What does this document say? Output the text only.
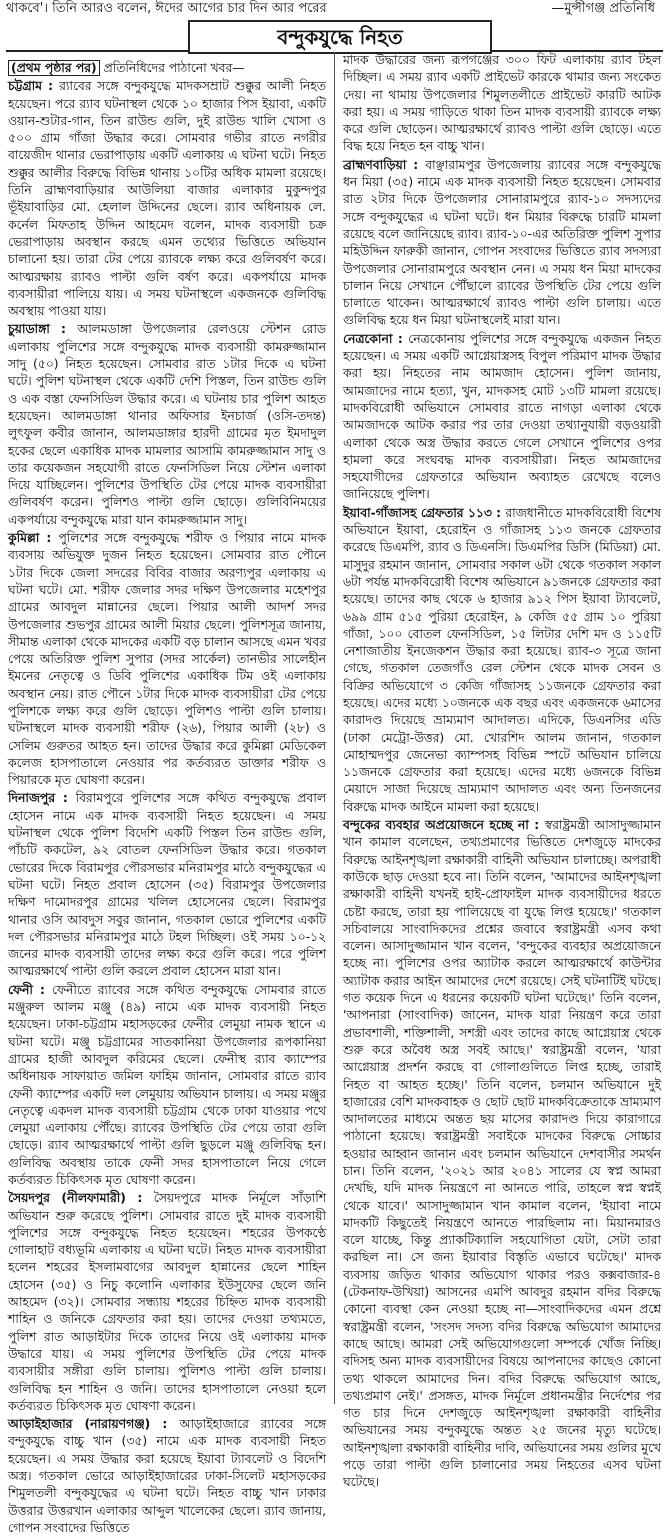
থাকবে'। তিনি আরও বলেন, ঈদের আগের চার দিন আর পরের	—মুন্সীগঞ্জ প্রতিনিধি
বন্দুকযুদ্ধে নিহত

(প্রথম পৃষ্ঠার পর) প্রতিনিধিদের পাঠানো খবর—

চট্টগ্রাম : র‍্যাবের সঙ্গে বন্দুকযুদ্ধে মাদকসম্রাট শুক্কুর আলী নিহত হয়েছেন। পরে র‍্যাব ঘটনাস্থল থেকে ১০ হাজার পিস ইয়াবা, একটি ওয়ান-শুটার-গান, তিন রাউন্ড গুলি, দুই রাউন্ড খালি খোসা ও ৫০০ গ্রাম গাঁজা উদ্ধার করে। সোমবার গভীর রাতে নগরীর বায়েজীদ থানার ভেরাপাড়ায় একটি এলাকায় এ ঘটনা ঘটে। নিহত শুক্কুর আলীর বিরুদ্ধে বিভিন্ন থানায় ১০টির অধিক মামলা রয়েছে। তিনি ব্রাহ্মণবাড়িয়ার আউলিয়া বাজার এলাকার মুকুন্দপুর ভূঁইয়াবাড়ির মো. হেলাল উদ্দিনের ছেলে। র‍্যাব অধিনায়ক লে. কর্নেল মিফতাহ উদ্দিন আহমেদ বলেন, মাদক ব্যবসায়ী চক্র ভেরাপাড়ায় অবস্থান করছে এমন তথ্যের ভিত্তিতে অভিযান চালানো হয়। তারা টের পেয়ে র‍্যাবকে লক্ষ্য করে গুলিবর্ষণ করে। আত্মরক্ষায় র‍্যাবও পাল্টা গুলি বর্ষণ করে। একপর্যায়ে মাদক ব্যবসায়ীরা পালিয়ে যায়। এ সময় ঘটনাস্থলে একজনকে গুলিবিদ্ধ অবস্থায় পাওয়া যায়।

চুয়াডাঙ্গা : আলমডাঙ্গা উপজেলার রেলওয়ে স্টেশন রোড এলাকায় পুলিশের সঙ্গে বন্দুকযুদ্ধে মাদক ব্যবসায়ী কামরুজ্জামান সাদু (৫০) নিহত হয়েছেন। সোমবার রাত ১টার দিকে এ ঘটনা ঘটে। পুলিশ ঘটনাস্থল থেকে একটি দেশি পিস্তল, তিন রাউন্ড গুলি ও এক বস্তা ফেনসিডিল উদ্ধার করে। এ ঘটনায় চার পুলিশ আহত হয়েছেন। আলমডাঙ্গা থানার অফিসার ইনচার্জ (ওসি-তদন্ত) লুৎফুল কবীর জানান, আলমডাঙ্গার হারদী গ্রামের মৃত ইমদাদুল হকের ছেলে একাধিক মাদক মামলার আসামি কামরুজ্জামান সাদু ও তার কয়েকজন সহযোগী রাতে ফেনসিডিল নিয়ে স্টেশন এলাকা দিয়ে যাচ্ছিলেন। পুলিশের উপস্থিতি টের পেয়ে মাদক ব্যবসায়ীরা গুলিবর্ষণ করেন। পুলিশও পাল্টা গুলি ছোড়ে। গুলিবিনিময়ের একপর্যায়ে বন্দুকযুদ্ধে মারা যান কামরুজ্জামান সাদু।

কুমিল্লা : পুলিশের সঙ্গে বন্দুকযুদ্ধে শরীফ ও পিয়ার নামে মাদক ব্যবসায় অভিযুক্ত দুজন নিহত হয়েছেন। সোমবার রাত পৌনে ১টার দিকে জেলা সদরের বিবির বাজার অরণ্যপুর এলাকায় এ ঘটনা ঘটে। মো. শরীফ জেলার সদর দক্ষিণ উপজেলার মহেশপুর গ্রামের আবদুল মান্নানের ছেলে। পিয়ার আলী আদর্শ সদর উপজেলার শুভপুর গ্রামের আলী মিয়ার ছেলে। পুলিশসূত্র জানায়, সীমান্ত এলাকা থেকে মাদকের একটি বড় চালান আসছে এমন খবর পেয়ে অতিরিক্ত পুলিশ সুপার (সদর সার্কেল) তানভীর সালেহীন ইমনের নেতৃত্বে ও ডিবি পুলিশের একাধিক টিম ওই এলাকায় অবস্থান নেয়। রাত পৌনে ১টার দিকে মাদক ব্যবসায়ীরা টের পেয়ে পুলিশকে লক্ষ্য করে গুলি ছোড়ে। পুলিশও পাল্টা গুলি চালায়। ঘটনাস্থলে মাদক ব্যবসায়ী শরীফ (২৬), পিয়ার আলী (২৮) ও সেলিম গুরুতর আহত হন। তাদের উদ্ধার করে কুমিল্লা মেডিকেল কলেজ হাসপাতালে নেওয়ার পর কর্তব্যরত ডাক্তার শরীফ ও পিয়ারকে মৃত ঘোষণা করেন।

দিনাজপুর : বিরামপুরে পুলিশের সঙ্গে কথিত বন্দুকযুদ্ধে প্রবাল হোসেন নামে এক মাদক ব্যবসায়ী নিহত হয়েছেন। এ সময় ঘটনাস্থল থেকে পুলিশ বিদেশি একটি পিস্তল তিন রাউন্ড গুলি, পাঁচটি ককটেল, ৯২ বোতল ফেনসিডিল উদ্ধার করে। গতকাল ভোরের দিকে বিরামপুর পৌরসভার মনিরামপুর মাঠে বন্দুকযুদ্ধের এ ঘটনা ঘটে। নিহত প্রবাল হোসেন (৩৫) বিরামপুর উপজেলার দক্ষিণ দামোদরপুর গ্রামের খলিল হোসেনের ছেলে। বিরামপুর থানার ওসি আবদুস সবুর জানান, গতকাল ভোরে পুলিশের একটি দল পৌরসভার মনিরামপুর মাঠে টহল দিচ্ছিল। ওই সময় ১০-১২ জনের মাদক ব্যবসায়ী তাদের লক্ষ্য করে গুলি করে। পরে পুলিশ আত্মরক্ষার্থে পাল্টা গুলি করলে প্রবাল হোসেন মারা যান।

ফেনী : ফেনীতে র‍্যাবের সঙ্গে কথিত বন্দুকযুদ্ধে সোমবার রাতে মঞ্জুরুল আলম মঞ্জু (৪৯) নামে এক মাদক ব্যবসায়ী নিহত হয়েছেন। ঢাকা-চট্টগ্রাম মহাসড়কের ফেনীর লেমুয়া নামক স্থানে এ ঘটনা ঘটে। মঞ্জু চট্টগ্রামের সাতকানিয়া উপজেলার রূপকানিয়া গ্রামের হাজী আবদুল করিমের ছেলে। ফেনীস্থ র‍্যাব ক্যাম্পের অধিনায়ক সাফায়াত জমিল ফাহিম জানান, সোমবার রাতে র‍্যাব ফেনী ক্যাম্পের একটি দল লেমুয়ায় অভিযান চালায়। এ সময় মঞ্জুর নেতৃত্বে একদল মাদক ব্যবসায়ী চট্টগ্রাম থেকে ঢাকা যাওয়ার পথে লেমুয়া এলাকায় পৌঁছে। র‍্যাবের উপস্থিতি টের পেয়ে তারা গুলি ছোড়ে। র‍্যাব আত্মরক্ষার্থে পাল্টা গুলি ছুড়লে মঞ্জু গুলিবিদ্ধ হন। গুলিবিদ্ধ অবস্থায় তাকে ফেনী সদর হাসপাতালে নিয়ে গেলে কর্তব্যরত চিকিৎসক মৃত ঘোষণা করেন।

সৈয়দপুর (নীলফামারী) : সৈয়দপুরে মাদক নির্মূলে সাঁড়াশি অভিযান শুরু করেছে পুলিশ। সোমবার রাতে দুই মাদক ব্যবসায়ী পুলিশের সঙ্গে বন্দুকযুদ্ধে নিহত হয়েছেন। শহরের উপকণ্ঠে গোলাহাট বধ্যভূমি এলাকায় এ ঘটনা ঘটে। নিহত মাদক ব্যবসায়ীরা হলেন শহরের ইসলামবাগের আবদুল হান্নানের ছেলে শাহিন হোসেন (৩৫) ও নিচু কলোনি এলাকার ইউসুফের ছেলে জনি আহমেদ (৩২)। সোমবার সন্ধ্যায় শহরের চিহ্নিত মাদক ব্যবসায়ী শাহিন ও জনিকে গ্রেফতার করা হয়। তাদের দেওয়া তথ্যমতে, পুলিশ রাত আড়াইটার দিকে তাদের নিয়ে ওই এলাকায় মাদক উদ্ধারে যায়। এ সময় পুলিশের উপস্থিতি টের পেয়ে মাদক ব্যবসায়ীর সঙ্গীরা গুলি চালায়। পুলিশও পাল্টা গুলি চালায়। গুলিবিদ্ধ হন শাহিন ও জনি। তাদের হাসপাতালে নেওয়া হলে কর্তব্যরত চিকিৎসক মৃত ঘোষণা করেন।

আড়াইহাজার (নারায়ণগঞ্জ) : আড়াইহাজারে র‍্যাবের সঙ্গে বন্দুকযুদ্ধে বাচ্চু খান (৩৫) নামে এক মাদক ব্যবসায়ী নিহত হয়েছেন। এ সময় উদ্ধার করা হয়েছে ইয়াবা ট্যাবলেট ও বিদেশি অস্ত্র। গতকাল ভোরে আড়াইহাজারের ঢাকা-সিলেট মহাসড়কের শিমুলতলী বন্দুকযুদ্ধের এ ঘটনা ঘটে। নিহত বাচ্চু খান ঢাকার উত্তরার উত্তরখান এলাকার আব্দুল খালেকের ছেলে। র‍্যাব জানায়, গোপন সংবাদের ভিত্তিতে

মাদক উদ্ধারের জন্য রূপগঞ্জের ৩০০ ফিট এলাকায় র‍্যাব টহল দিচ্ছিল। এ সময় র‍্যাব একটি প্রাইভেট কারকে থামার জন্য সংকেত দেয়। না থামায় উপজেলার শিমুলতলীতে প্রাইভেট কারটি আটক করা হয়। এ সময় গাড়িতে থাকা তিন মাদক ব্যবসায়ী র‍্যাবকে লক্ষ্য করে গুলি ছোড়েন। আত্মরক্ষার্থে র‍্যাবও পাল্টা গুলি ছোড়ে। এতে বিদ্ধ হয়ে নিহত হন বাচ্চু খান।

ব্রাহ্মণবাড়িয়া : বাঞ্ছারামপুর উপজেলায় র‍্যাবের সঙ্গে বন্দুকযুদ্ধে ধন মিয়া (৩৫) নামে এক মাদক ব্যবসায়ী নিহত হয়েছেন। সোমবার রাত ২টার দিকে উপজেলার সোনারামপুরে র‍্যাব-১০ সদস্যদের সঙ্গে বন্দুকযুদ্ধের এ ঘটনা ঘটে। ধন মিয়ার বিরুদ্ধে চারটি মামলা রয়েছে বলে জানিয়েছে র‍্যাব। র‍্যাব-১০-এর অতিরিক্ত পুলিশ সুপার মহিউদ্দিন ফারুকী জানান, গোপন সংবাদের ভিত্তিতে র‍্যাব সদস্যরা উপজেলার সোনারামপুরে অবস্থান নেন। এ সময় ধন মিয়া মাদকের চালান নিয়ে সেখানে পৌঁছালে র‍্যাবের উপস্থিতি টের পেয়ে গুলি চালাতে থাকেন। আত্মরক্ষার্থে র‍্যাবও পাল্টা গুলি চালায়। এতে গুলিবিদ্ধ হয়ে ধন মিয়া ঘটনাস্থলেই মারা যান।

নেত্রকোনা : নেত্রকোনায় পুলিশের সঙ্গে বন্দুকযুদ্ধে একজন নিহত হয়েছেন। এ সময় একটি আগ্নেয়াস্ত্রসহ বিপুল পরিমাণ মাদক উদ্ধার করা হয়। নিহতের নাম আমজাদ হোসেন। পুলিশ জানায়, আমজাদের নামে হত্যা, খুন, মাদকসহ মোট ১৩টি মামলা রয়েছে। মাদকবিরোধী অভিযানে সোমবার রাতে নাগড়া এলাকা থেকে আমজাদকে আটক করার পর তার দেওয়া তথ্যানুযায়ী বড়ওয়ারী এলাকা থেকে অস্ত্র উদ্ধার করতে গেলে সেখানে পুলিশের ওপর হামলা করে সংঘবদ্ধ মাদক ব্যবসায়ীরা। নিহত আমজাদের সহযোগীদের গ্রেফতারে অভিযান অব্যাহত রেখেছে বলেও জানিয়েছে পুলিশ।

ইয়াবা-গাঁজাসহ গ্রেফতার ১১৩ : রাজধানীতে মাদকবিরোধী বিশেষ অভিযানে ইয়াবা, হেরোইন ও গাঁজাসহ ১১৩ জনকে গ্রেফতার করেছে ডিএমপি, র‍্যাব ও ডিএনসি। ডিএমপির ডিসি (মিডিয়া) মো. মাসুদুর রহমান জানান, সোমবার সকাল ৬টা থেকে গতকাল সকাল ৬টা পর্যন্ত মাদকবিরোধী বিশেষ অভিযানে ৯১জনকে গ্রেফতার করা হয়েছে। তাদের কাছ থেকে ৬ হাজার ৯১২ পিস ইয়াবা ট্যাবলেট, ৬৯৯ গ্রাম ৫১৫ পুরিয়া হেরোইন, ৯ কেজি ৫৫ গ্রাম ১০ পুরিয়া গাঁজা, ১০০ বোতল ফেনসিডিল, ১৫ লিটার দেশি মদ ও ১১৫টি নেশাজাতীয় ইনজেকশন উদ্ধার করা হয়েছে। র‍্যাব-৩ সূত্রে জানা গেছে, গতকাল তেজগাঁও রেল স্টেশন থেকে মাদক সেবন ও বিক্রির অভিযোগে ৩ কেজি গাঁজাসহ ১১জনকে গ্রেফতার করা হয়েছে। এদের মধ্যে ১০জনকে এক বছর এবং একজনকে ৬মাসের কারাদণ্ড দিয়েছে ভ্রাম্যমাণ আদালত। এদিকে, ডিএনসির এডি (ঢাকা মেট্রো-উত্তর) মো. খোরশিদ আলম জানান, গতকাল মোহাম্মদপুর জেনেভা ক্যাম্পসহ বিভিন্ন স্পটে অভিযান চালিয়ে ১১জনকে গ্রেফতার করা হয়েছে। এদের মধ্যে ৬জনকে বিভিন্ন মেয়াদে সাজা দিয়েছে ভ্রাম্যমাণ আদালত এবং অন্য তিনজনের বিরুদ্ধে মাদক আইনে মামলা করা হয়েছে।

বন্দুকের ব্যবহার অপ্রয়োজনে হচ্ছে না : স্বরাষ্ট্রমন্ত্রী আসাদুজ্জামান খান কামাল বলেছেন, তথ্যপ্রমাণের ভিত্তিতে দেশজুড়ে মাদকের বিরুদ্ধে আইনশৃঙ্খলা রক্ষাকারী বাহিনী অভিযান চালাচ্ছে। অপরাধী কাউকে ছাড় দেওয়া হবে না। তিনি বলেন, 'আমাদের আইনশৃঙ্খলা রক্ষাকারী বাহিনী যখনই হাই-প্রোফাইল মাদক ব্যবসায়ীদের ধরতে চেষ্টা করছে, তারা হয় পালিয়েছে বা যুদ্ধে লিপ্ত হয়েছে।' গতকাল সচিবালয়ে সাংবাদিকদের প্রশ্নের জবাবে স্বরাষ্ট্রমন্ত্রী এসব কথা বলেন। আসাদুজ্জামান খান বলেন, 'বন্দুকের ব্যবহার অপ্রয়োজনে হচ্ছে না। পুলিশের ওপর অ্যাটাক করলে আত্মরক্ষার্থে কাউন্টার অ্যাটাক করার আইন আমাদের দেশে রয়েছে। সেই ঘটনাটিই ঘটছে। গত কয়েক দিনে এ ধরনের কয়েকটি ঘটনা ঘটেছে।' তিনি বলেন, 'আপনারা (সাংবাদিক) জানেন, মাদক যারা নিয়ন্ত্রণ করে তারা প্রভাবশালী, শক্তিশালী, সশস্ত্রী এবং তাদের কাছে আগ্নেয়াস্ত্র থেকে শুরু করে অবৈধ অস্ত্র সবই আছে।' স্বরাষ্ট্রমন্ত্রী বলেন, 'যারা আগ্নেয়াস্ত্র প্রদর্শন করছে বা গোলাগুলিতে লিপ্ত হচ্ছে, তারাই নিহত বা আহত হচ্ছে।' তিনি বলেন, চলমান অভিযানে দুই হাজারের বেশি মাদকবাহক ও ছোট ছোট মাদকবিক্রেতাকে ভ্রাম্যমাণ আদালতের মাধ্যমে অন্তত ছয় মাসের কারাদণ্ড দিয়ে কারাগারে পাঠানো হয়েছে। স্বরাষ্ট্রমন্ত্রী সবাইকে মাদকের বিরুদ্ধে সোচ্চার হওয়ার আহ্বান জানান এবং চলমান অভিযানে দেশবাসীর সমর্থন চান। তিনি বলেন, '২০২১ আর ২০৪১ সালের যে স্বপ্ন আমরা দেখছি, যদি মাদক নিয়ন্ত্রণে না আনতে পারি, তাহলে স্বপ্ন স্বপ্নই থেকে যাবে।' আসাদুজ্জামান খান কামাল বলেন, 'ইয়াবা নামে মাদকটি কিছুতেই নিয়ন্ত্রণে আনতে পারছিলাম না। মিয়ানমারও বলে যাচ্ছে, কিন্তু প্র্যাকটিক্যালি সহযোগিতা যেটা, সেটা তারা করছিল না। সে জন্য ইয়াবার বিস্তৃতি এভাবে ঘটেছে।' মাদক ব্যবসায় জড়িত থাকার অভিযোগ থাকার পরও কক্সবাজার-৪ (টেকনাফ-উখিয়া) আসনের এমপি আবদুর রহমান বদির বিরুদ্ধে কোনো ব্যবস্থা কেন নেওয়া হচ্ছে না—সাংবাদিকদের এমন প্রশ্নে স্বরাষ্ট্রমন্ত্রী বলেন, 'সংসদ সদস্য বদির বিরুদ্ধে অভিযোগ আমাদের কাছে আছে। আমরা সেই অভিযোগগুলো সম্পর্কে খোঁজ নিচ্ছি। বদিসহ অন্য মাদক ব্যবসায়ীদের বিষয়ে আপনাদের কাছেও কোনো তথ্য থাকলে আমাদের দিন। বদির বিরুদ্ধে অভিযোগ আছে, তথ্যপ্রমাণ নেই।' প্রসঙ্গত, মাদক নির্মূলে প্রধানমন্ত্রীর নির্দেশের পর গত চার দিনে দেশজুড়ে আইনশৃঙ্খলা রক্ষাকারী বাহিনীর অভিযানের সময় বন্দুকযুদ্ধে অন্তত ২৫ জনের মৃত্যু ঘটেছে। আইনশৃঙ্খলা রক্ষাকারী বাহিনীর দাবি, অভিযানের সময় গুলির মুখে পড়ে তারা পাল্টা গুলি চালানোর সময় নিহতের এসব ঘটনা ঘটেছে।
